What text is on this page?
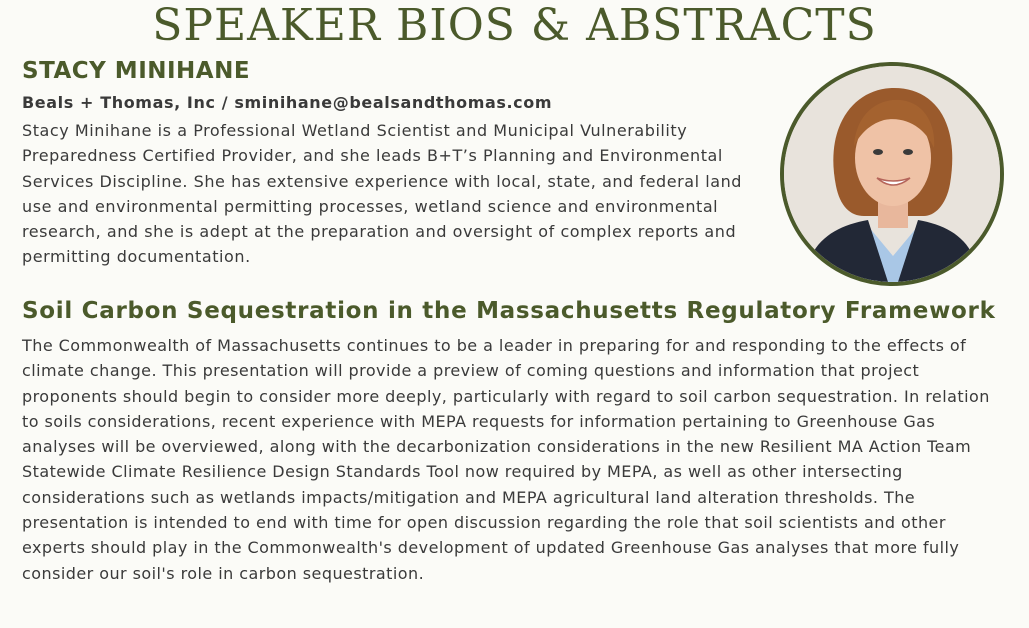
SPEAKER BIOS & ABSTRACTS
STACY MINIHANE
Beals + Thomas, Inc / sminihane@bealsandthomas.com

Stacy Minihane is a Professional Wetland Scientist and Municipal Vulnerability Preparedness Certified Provider, and she leads B+T’s Planning and Environmental Services Discipline. She has extensive experience with local, state, and federal land use and environmental permitting processes, wetland science and environmental research, and she is adept at the preparation and oversight of complex reports and permitting documentation.

Soil Carbon Sequestration in the Massachusetts Regulatory Framework

The Commonwealth of Massachusetts continues to be a leader in preparing for and responding to the effects of climate change. This presentation will provide a preview of coming questions and information that project proponents should begin to consider more deeply, particularly with regard to soil carbon sequestration. In relation to soils considerations, recent experience with MEPA requests for information pertaining to Greenhouse Gas analyses will be overviewed, along with the decarbonization considerations in the new Resilient MA Action Team Statewide Climate Resilience Design Standards Tool now required by MEPA, as well as other intersecting considerations such as wetlands impacts/mitigation and MEPA agricultural land alteration thresholds. The presentation is intended to end with time for open discussion regarding the role that soil scientists and other experts should play in the Commonwealth's development of updated Greenhouse Gas analyses that more fully consider our soil's role in carbon sequestration.
